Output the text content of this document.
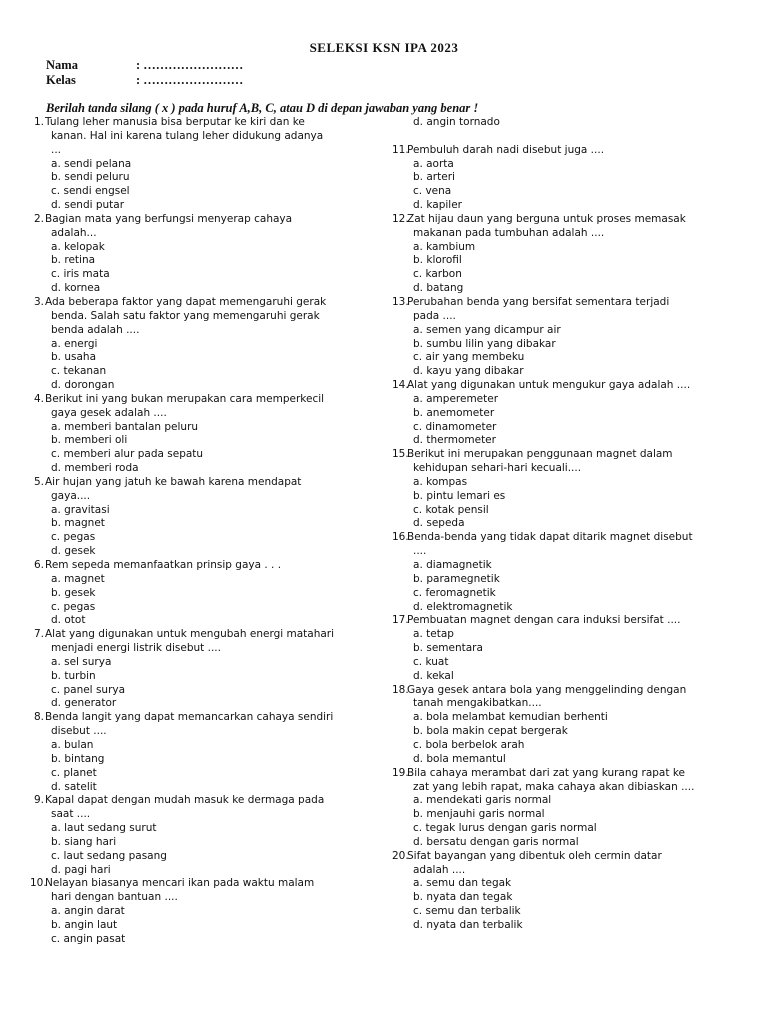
SELEKSI KSN IPA 2023
Nama	: ……………………
Kelas	: ……………………
Berilah tanda silang ( x ) pada huruf A,B, C, atau D di depan jawaban yang benar !
1 . Tulang leher manusia bisa berputar ke kiri dan ke
kanan. Hal ini karena tulang leher didukung adanya
...
a . sendi pelana
b . sendi peluru
c . sendi engsel
d . sendi putar
2 . Bagian mata yang berfungsi menyerap cahaya
adalah...
a . kelopak
b . retina
c . iris mata
d . kornea
3 . Ada beberapa faktor yang dapat memengaruhi gerak
benda. Salah satu faktor yang memengaruhi gerak
benda adalah ....
a . energi
b . usaha
c . tekanan
d . dorongan
4 . Berikut ini yang bukan merupakan cara memperkecil
gaya gesek adalah ....
a . memberi bantalan peluru
b . memberi oli
c . memberi alur pada sepatu
d . memberi roda
5 . Air hujan yang jatuh ke bawah karena mendapat
gaya....
a . gravitasi
b . magnet
c . pegas
d . gesek
6 . Rem sepeda memanfaatkan prinsip gaya . . .
a . magnet
b . gesek
c . pegas
d . otot
7 . Alat yang digunakan untuk mengubah energi matahari
menjadi energi listrik disebut ....
a . sel surya
b . turbin
c . panel surya
d . generator
8 . Benda langit yang dapat memancarkan cahaya sendiri
disebut ....
a . bulan
b . bintang
c . planet
d . satelit
9 . Kapal dapat dengan mudah masuk ke dermaga pada
saat ....
a . laut sedang surut
b . siang hari
c . laut sedang pasang
d . pagi hari
10 . Nelayan biasanya mencari ikan pada waktu malam
hari dengan bantuan ....
a . angin darat
b . angin laut
c . angin pasat
d . angin tornado
11 . Pembuluh darah nadi disebut juga ....
a . aorta
b . arteri
c . vena
d . kapiler
12 . Zat hijau daun yang berguna untuk proses memasak
makanan pada tumbuhan adalah ....
a . kambium
b . klorofil
c . karbon
d . batang
13 . Perubahan benda yang bersifat sementara terjadi
pada ....
a . semen yang dicampur air
b . sumbu lilin yang dibakar
c . air yang membeku
d . kayu yang dibakar
14 . Alat yang digunakan untuk mengukur gaya adalah ....
a . amperemeter
b . anemometer
c . dinamometer
d . thermometer
15 . Berikut ini merupakan penggunaan magnet dalam
kehidupan sehari-hari kecuali....
a . kompas
b . pintu lemari es
c . kotak pensil
d . sepeda
16 . Benda-benda yang tidak dapat ditarik magnet disebut
....
a . diamagnetik
b . paramegnetik
c . feromagnetik
d . elektromagnetik
17 . Pembuatan magnet dengan cara induksi bersifat ....
a . tetap
b . sementara
c . kuat
d . kekal
18 . Gaya gesek antara bola yang menggelinding dengan
tanah mengakibatkan....
a . bola melambat kemudian berhenti
b . bola makin cepat bergerak
c . bola berbelok arah
d . bola memantul
19 . Bila cahaya merambat dari zat yang kurang rapat ke
zat yang lebih rapat, maka cahaya akan dibiaskan ....
a . mendekati garis normal
b . menjauhi garis normal
c . tegak lurus dengan garis normal
d . bersatu dengan garis normal
20 . Sifat bayangan yang dibentuk oleh cermin datar
adalah ....
a . semu dan tegak
b . nyata dan tegak
c . semu dan terbalik
d . nyata dan terbalik
